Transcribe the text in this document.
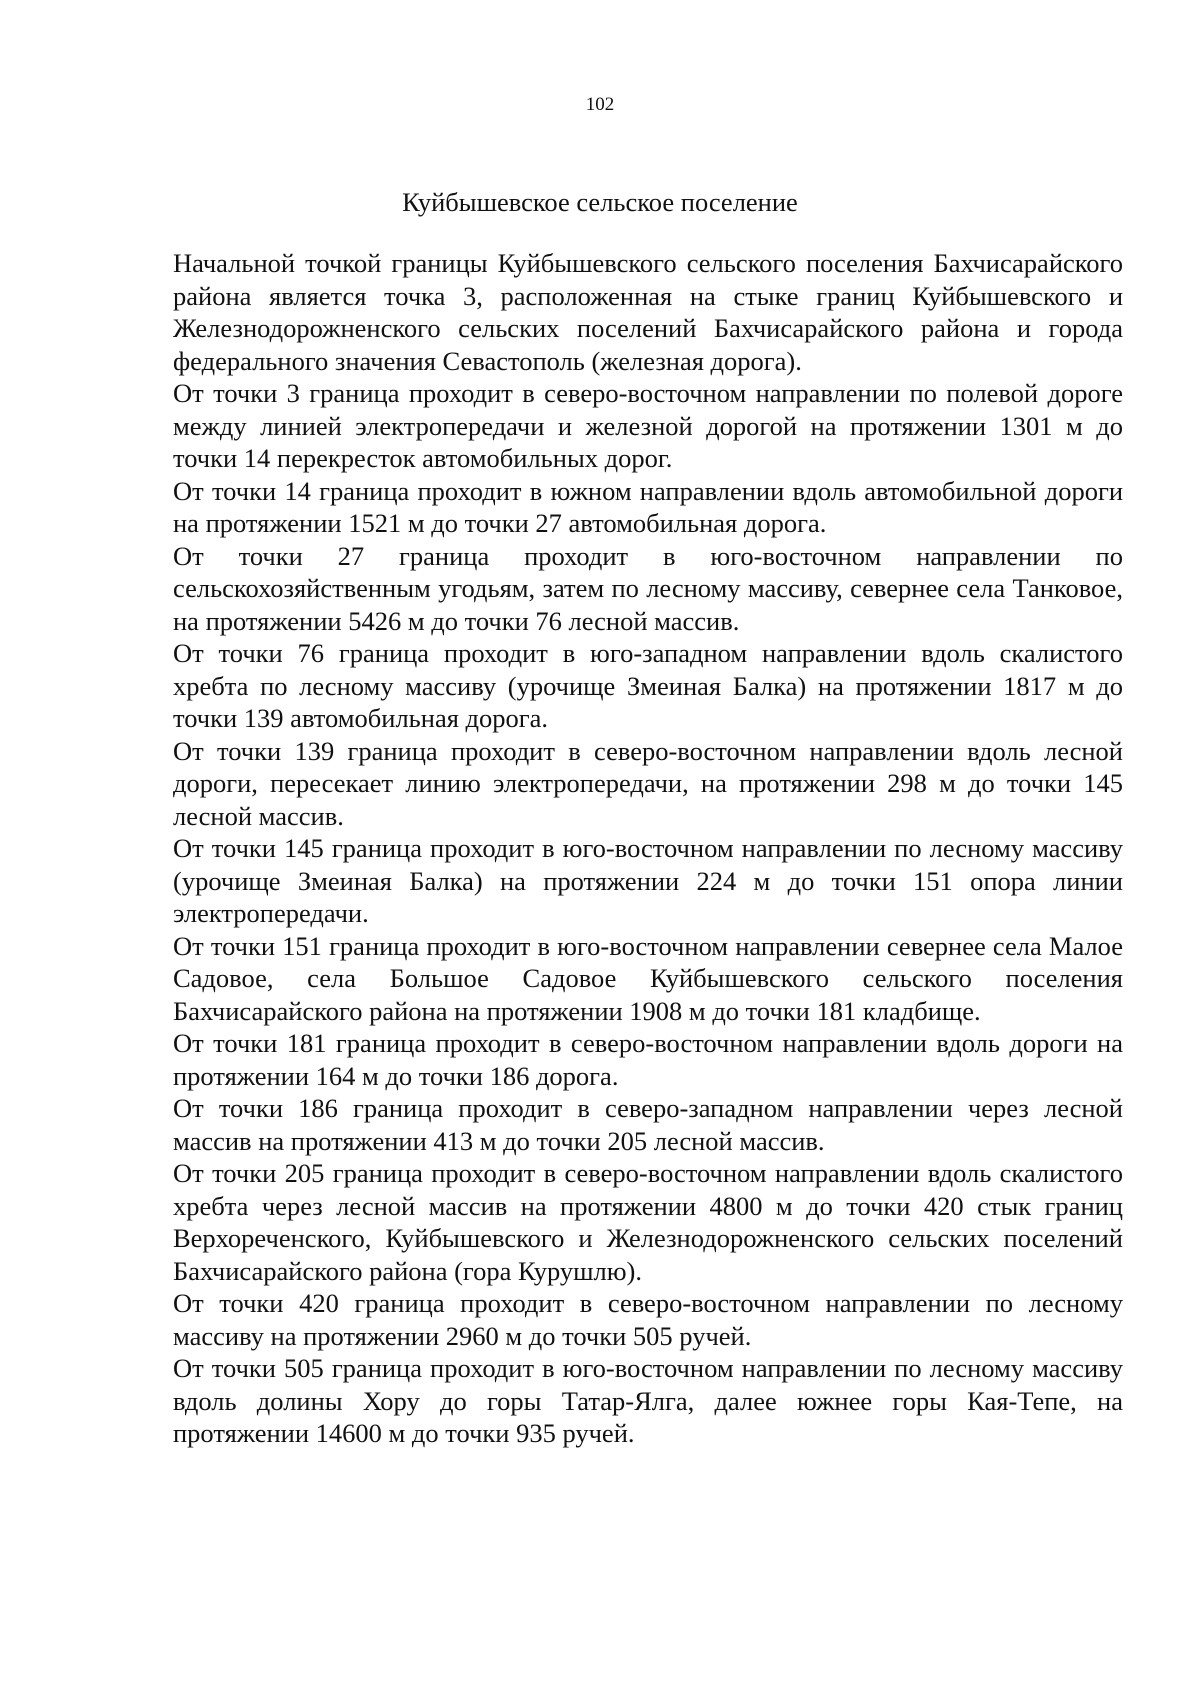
102
Куйбышевское сельское поселение

Начальной точкой границы Куйбышевского сельского поселения Бахчисарайского района является точка 3, расположенная на стыке границ Куйбышевского и Железнодорожненского сельских поселений Бахчисарайского района и города федерального значения Севастополь (железная дорога).

От точки 3 граница проходит в северо-восточном направлении по полевой дороге между линией электропередачи и железной дорогой на протяжении 1301 м до точки 14 перекресток автомобильных дорог.

От точки 14 граница проходит в южном направлении вдоль автомобильной дороги на протяжении 1521 м до точки 27 автомобильная дорога.

От точки 27 граница проходит в юго-восточном направлении по сельскохозяйственным угодьям, затем по лесному массиву, севернее села Танковое, на протяжении 5426 м до точки 76 лесной массив.

От точки 76 граница проходит в юго-западном направлении вдоль скалистого хребта по лесному массиву (урочище Змеиная Балка) на протяжении 1817 м до точки 139 автомобильная дорога.

От точки 139 граница проходит в северо-восточном направлении вдоль лесной дороги, пересекает линию электропередачи, на протяжении 298 м до точки 145 лесной массив.

От точки 145 граница проходит в юго-восточном направлении по лесному массиву (урочище Змеиная Балка) на протяжении 224 м до точки 151 опора линии электропередачи.

От точки 151 граница проходит в юго-восточном направлении севернее села Малое Садовое, села Большое Садовое Куйбышевского сельского поселения Бахчисарайского района на протяжении 1908 м до точки 181 кладбище.

От точки 181 граница проходит в северо-восточном направлении вдоль дороги на протяжении 164 м до точки 186 дорога.

От точки 186 граница проходит в северо-западном направлении через лесной массив на протяжении 413 м до точки 205 лесной массив.

От точки 205 граница проходит в северо-восточном направлении вдоль скалистого хребта через лесной массив на протяжении 4800 м до точки 420 стык границ Верхореченского, Куйбышевского и Железнодорожненского сельских поселений Бахчисарайского района (гора Курушлю).

От точки 420 граница проходит в северо-восточном направлении по лесному массиву на протяжении 2960 м до точки 505 ручей.

От точки 505 граница проходит в юго-восточном направлении по лесному массиву вдоль долины Хору до горы Татар-Ялга, далее южнее горы Кая-Тепе, на протяжении 14600 м до точки 935 ручей.
